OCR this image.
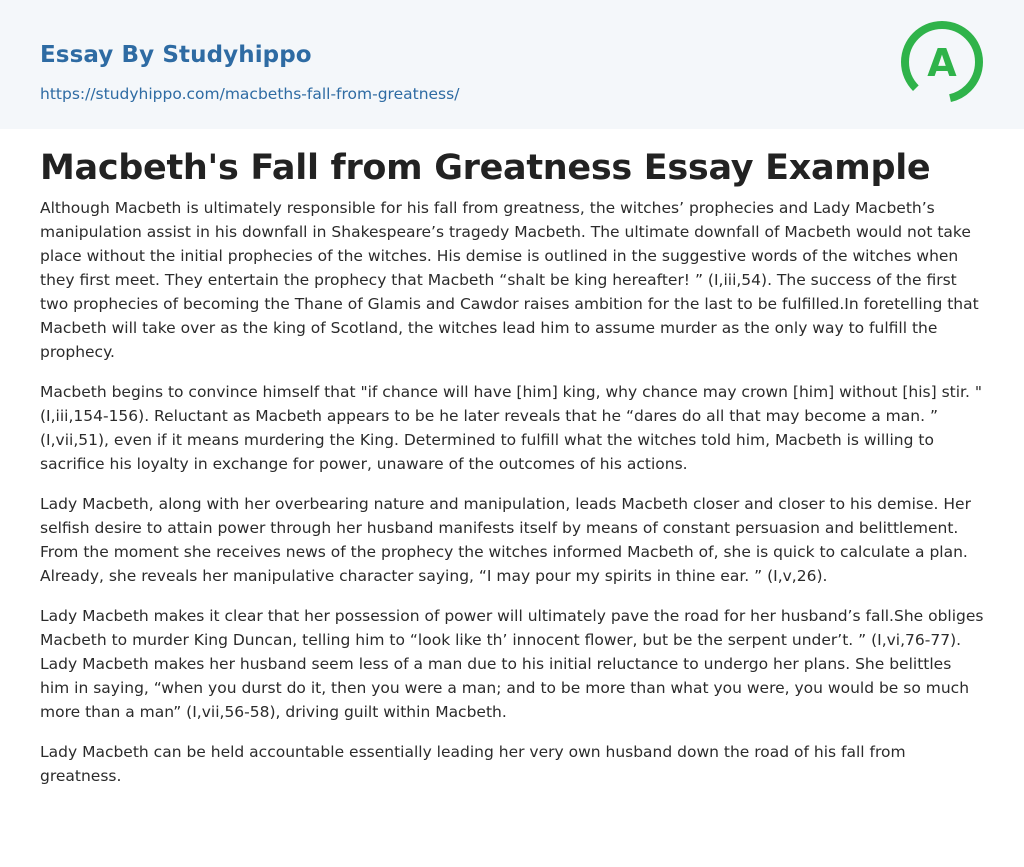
Essay By Studyhippo
https://studyhippo.com/macbeths-fall-from-greatness/
A
Macbeth's Fall from Greatness Essay Example

Although Macbeth is ultimately responsible for his fall from greatness, the witches’ prophecies and Lady Macbeth’s manipulation assist in his downfall in Shakespeare’s tragedy Macbeth. The ultimate downfall of Macbeth would not take place without the initial prophecies of the witches. His demise is outlined in the suggestive words of the witches when they first meet. They entertain the prophecy that Macbeth “shalt be king hereafter! ” (I,iii,54). The success of the first two prophecies of becoming the Thane of Glamis and Cawdor raises ambition for the last to be fulfilled.In foretelling that Macbeth will take over as the king of Scotland, the witches lead him to assume murder as the only way to fulfill the prophecy.

Macbeth begins to convince himself that "if chance will have [him] king, why chance may crown [him] without [his] stir. " (I,iii,154-156). Reluctant as Macbeth appears to be he later reveals that he “dares do all that may become a man. ” (I,vii,51), even if it means murdering the King. Determined to fulfill what the witches told him, Macbeth is willing to sacrifice his loyalty in exchange for power, unaware of the outcomes of his actions.

Lady Macbeth, along with her overbearing nature and manipulation, leads Macbeth closer and closer to his demise. Her selfish desire to attain power through her husband manifests itself by means of constant persuasion and belittlement. From the moment she receives news of the prophecy the witches informed Macbeth of, she is quick to calculate a plan. Already, she reveals her manipulative character saying, “I may pour my spirits in thine ear. ” (I,v,26).

Lady Macbeth makes it clear that her possession of power will ultimately pave the road for her husband’s fall.She obliges Macbeth to murder King Duncan, telling him to “look like th’ innocent flower, but be the serpent under’t. ” (I,vi,76-77). Lady Macbeth makes her husband seem less of a man due to his initial reluctance to undergo her plans. She belittles him in saying, “when you durst do it, then you were a man; and to be more than what you were, you would be so much more than a man” (I,vii,56-58), driving guilt within Macbeth.

Lady Macbeth can be held accountable essentially leading her very own husband down the road of his fall from greatness.
